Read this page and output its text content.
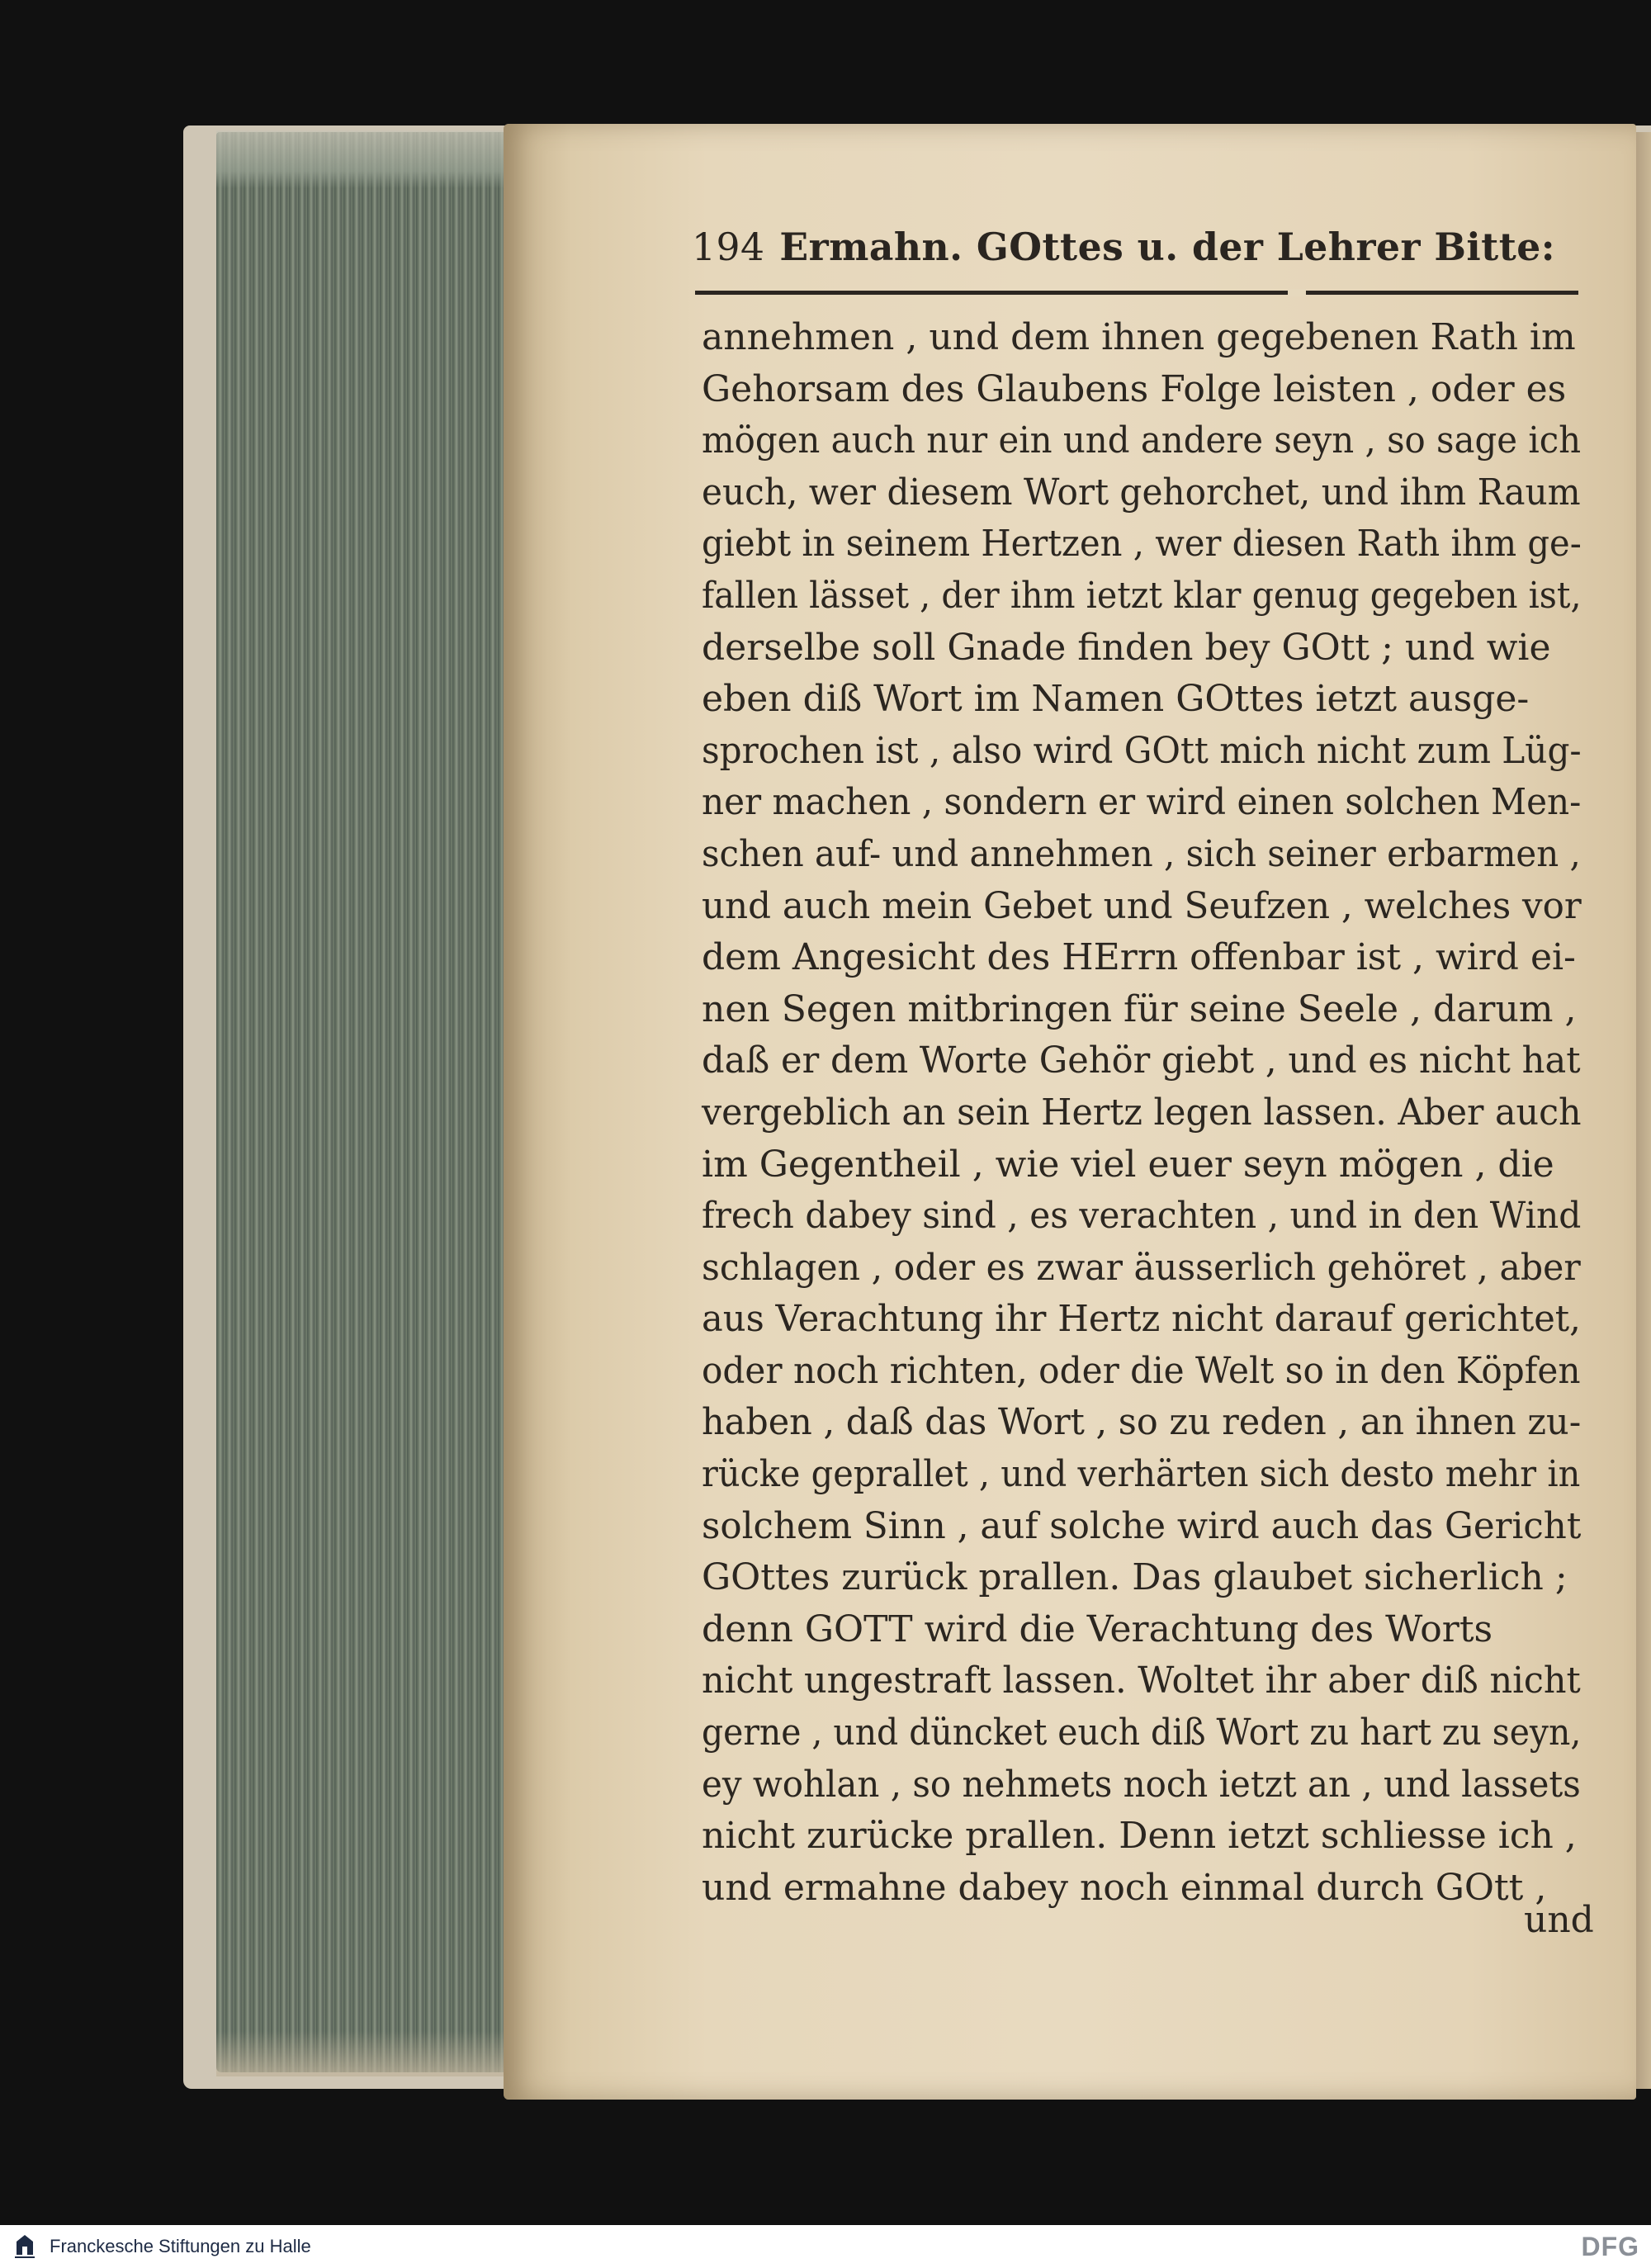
194 Ermahn. GOttes u. der Lehrer Bitte:
annehmen , und dem ihnen gegebenen Rath im
Gehorsam des Glaubens Folge leisten , oder es
mögen auch nur ein und andere seyn , so sage ich
euch, wer diesem Wort gehorchet, und ihm Raum
giebt in seinem Hertzen , wer diesen Rath ihm ge-
fallen lässet , der ihm ietzt klar genug gegeben ist,
derselbe soll Gnade finden bey GOtt ; und wie
eben diß Wort im Namen GOttes ietzt ausge-
sprochen ist , also wird GOtt mich nicht zum Lüg-
ner machen , sondern er wird einen solchen Men-
schen auf- und annehmen , sich seiner erbarmen ,
und auch mein Gebet und Seufzen , welches vor
dem Angesicht des HErrn offenbar ist , wird ei-
nen Segen mitbringen für seine Seele , darum ,
daß er dem Worte Gehör giebt , und es nicht hat
vergeblich an sein Hertz legen lassen. Aber auch
im Gegentheil , wie viel euer seyn mögen , die
frech dabey sind , es verachten , und in den Wind
schlagen , oder es zwar äusserlich gehöret , aber
aus Verachtung ihr Hertz nicht darauf gerichtet,
oder noch richten, oder die Welt so in den Köpfen
haben , daß das Wort , so zu reden , an ihnen zu-
rücke geprallet , und verhärten sich desto mehr in
solchem Sinn , auf solche wird auch das Gericht
GOttes zurück prallen. Das glaubet sicherlich ;
denn GOTT wird die Verachtung des Worts
nicht ungestraft lassen. Woltet ihr aber diß nicht
gerne , und düncket euch diß Wort zu hart zu seyn,
ey wohlan , so nehmets noch ietzt an , und lassets
nicht zurücke prallen. Denn ietzt schliesse ich ,
und ermahne dabey noch einmal durch GOtt ,
und
Franckesche Stiftungen zu Halle	DFG
